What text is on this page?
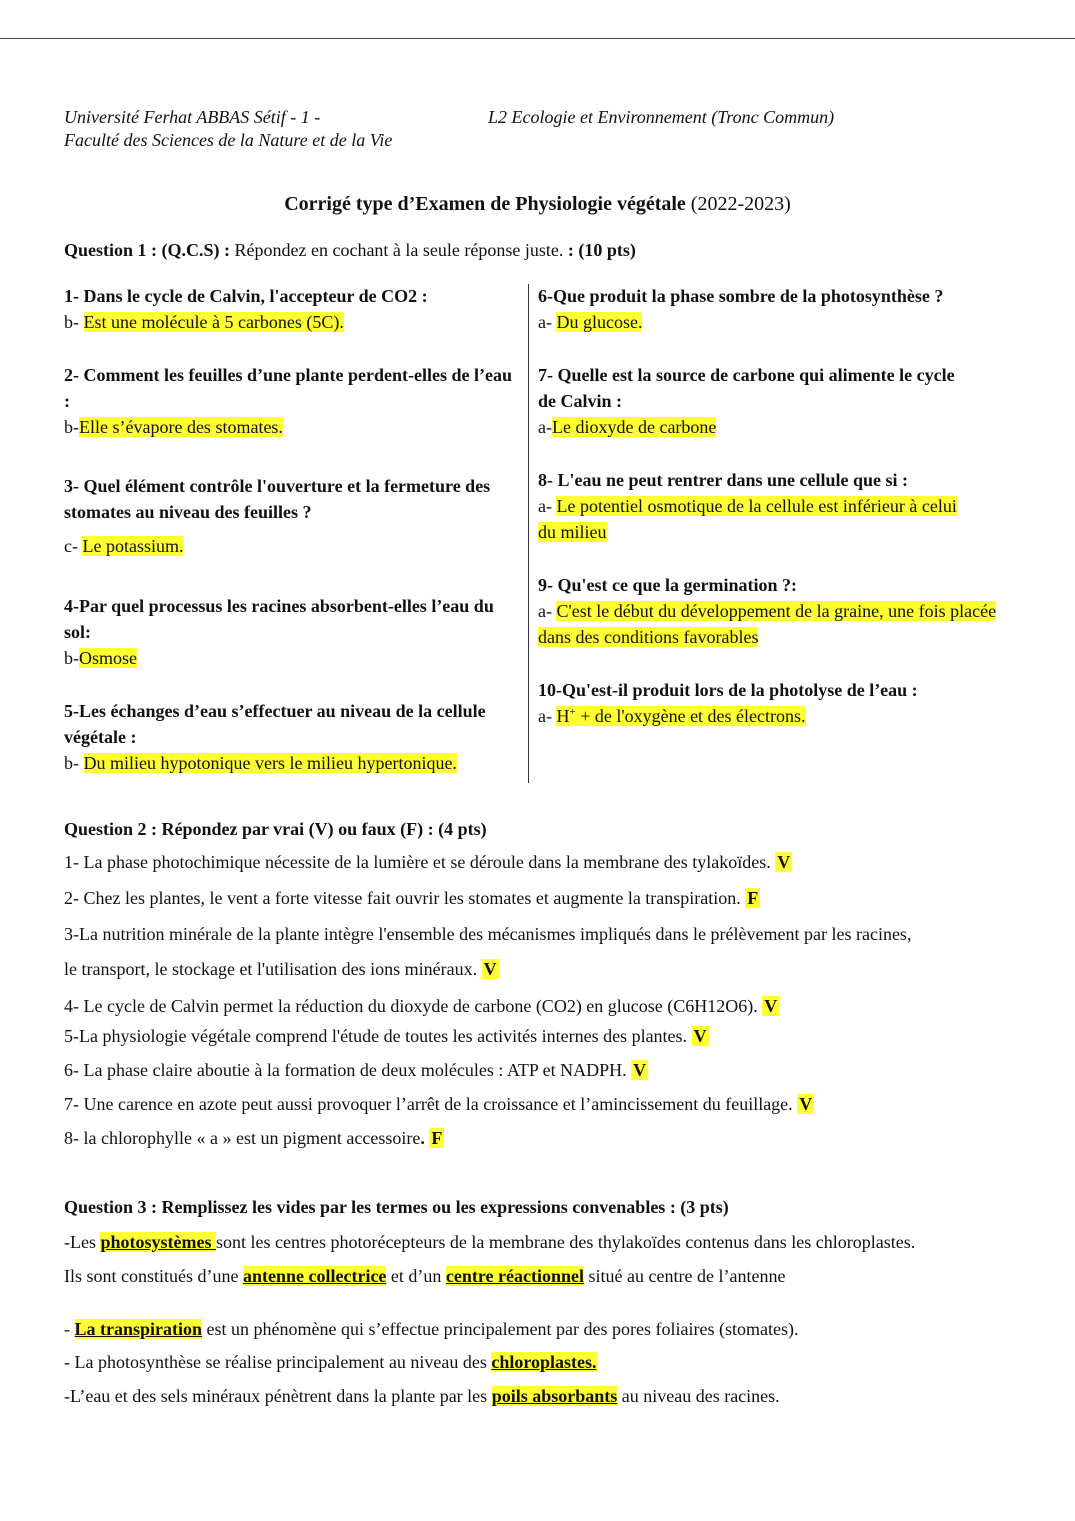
Université Ferhat ABBAS Sétif - 1 -
Faculté des Sciences de la Nature et de la Vie
L2 Ecologie et Environnement (Tronc Commun)
Corrigé type d’Examen de Physiologie végétale (2022-2023)
Question 1 : (Q.C.S) : Répondez en cochant à la seule réponse juste. : (10 pts)
1- Dans le cycle de Calvin, l'accepteur de CO2 :
b- Est une molécule à 5 carbones (5C).
2- Comment les feuilles d’une plante perdent-elles de l’eau :
b-Elle s’évapore des stomates.
3- Quel élément contrôle l'ouverture et la fermeture des stomates au niveau des feuilles ?
c- Le potassium.
4-Par quel processus les racines absorbent-elles l’eau du sol:
b-Osmose
5-Les échanges d’eau s’effectuer au niveau de la cellule végétale :
b- Du milieu hypotonique vers le milieu hypertonique.
6-Que produit la phase sombre de la photosynthèse ?
a- Du glucose.
7- Quelle est la source de carbone qui alimente le cycle de Calvin :
a-Le dioxyde de carbone
8- L'eau ne peut rentrer dans une cellule que si :
a- Le potentiel osmotique de la cellule est inférieur à celui du milieu
9- Qu'est ce que la germination ?:
a- C'est le début du développement de la graine, une fois placée dans des conditions favorables
10-Qu'est-il produit lors de la photolyse de l’eau :
a- H+ + de l'oxygène et des électrons.
Question 2 : Répondez par vrai (V) ou faux (F) : (4 pts)
1- La phase photochimique nécessite de la lumière et se déroule dans la membrane des tylakoïdes. V
2- Chez les plantes, le vent a forte vitesse fait ouvrir les stomates et augmente la transpiration. F
3-La nutrition minérale de la plante intègre l'ensemble des mécanismes impliqués dans le prélèvement par les racines,
le transport, le stockage et l'utilisation des ions minéraux. V
4- Le cycle de Calvin permet la réduction du dioxyde de carbone (CO2) en glucose (C6H12O6). V
5-La physiologie végétale comprend l'étude de toutes les activités internes des plantes. V
6- La phase claire aboutie à la formation de deux molécules : ATP et NADPH. V
7- Une carence en azote peut aussi provoquer l’arrêt de la croissance et l’amincissement du feuillage. V
8- la chlorophylle « a » est un pigment accessoire. F
Question 3 : Remplissez les vides par les termes ou les expressions convenables : (3 pts)
-Les photosystèmes sont les centres photorécepteurs de la membrane des thylakoïdes contenus dans les chloroplastes.
Ils sont constitués d’une antenne collectrice et d’un centre réactionnel situé au centre de l’antenne
- La transpiration est un phénomène qui s’effectue principalement par des pores foliaires (stomates).
- La photosynthèse se réalise principalement au niveau des chloroplastes.
-L’eau et des sels minéraux pénètrent dans la plante par les poils absorbants au niveau des racines.
